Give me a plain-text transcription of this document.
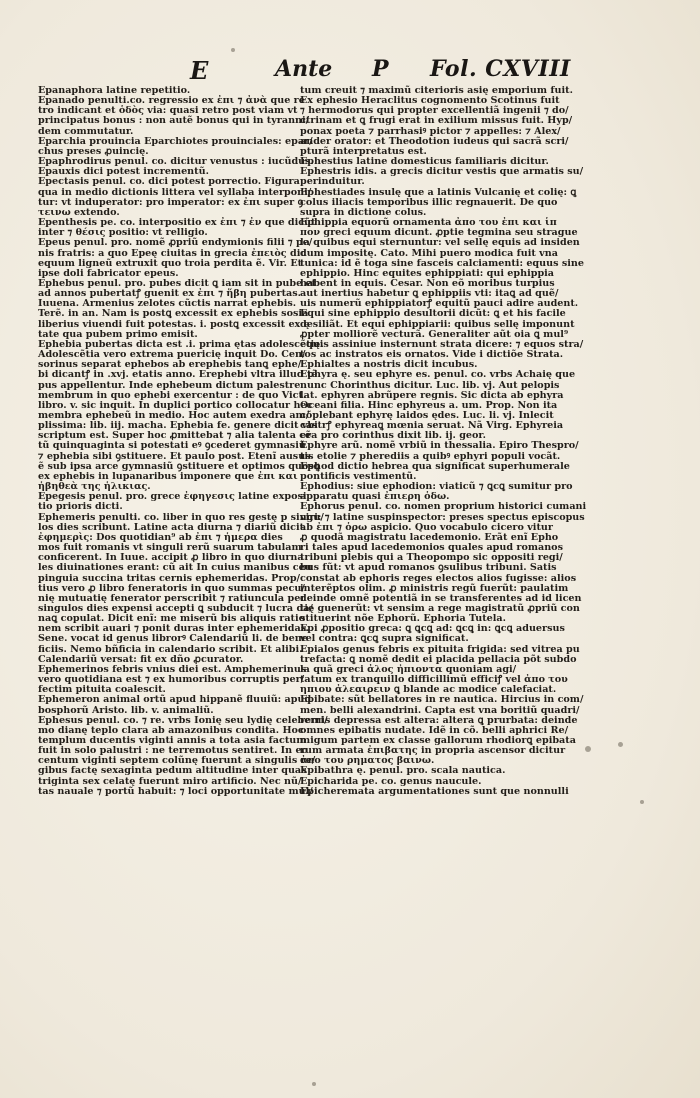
E	Ante P Fol. CXVIII
Epanaphora latine repetitio.
Epanado penulti.co. regressio ex ἐπι ⁊ ἀνὰ que re
tro indicant et ὁδὸς via: quasi retro post viam vt
principatus bonus : non autẽ bonus qui in tyranni/
dem commutatur.
Eparchia prouincia Eparchiotes prouinciales: epar/
chus preses ꝓuincię.
Epaphrodirus penul. co. dicitur venustus : iucũdus.
Epauxis dici potest incrementũ.
Epectasis penul. co. dici potest porrectio. Figura
qua in medio dictionis littera vel syllaba interponi/
tur: vt induperator: pro imperator: ex ἐπι super ꝯ
τεινω extendo.
Epenthesis pe. co. interpositio ex ἐπι ⁊ ἐν que dicũt
inter ⁊ θέσις positio: vt relligio.
Epeus penul. pro. nomẽ ꝓpriũ endymionis filii ⁊ pe/
nis fratris: a quo Epeę ciuitas in grecia ἐπειὸς dic
equum ligneũ extruxit quo troia perdita ẽ. Vir. Et
ipse doli fabricator epeus.
Ephebus penul. pro. pubes dicit ꝗ iam sit in pube et
ad annos pubertatꝭ guenit ex ἐπι ⁊ ἥβη pubertas.
Iuuena. Armenius zelotes cũctis narrat ephebis.
Terẽ. in an. Nam is postꝗ excessit ex ephebis sosia
liberius viuendi fuit potestas. i. postꝗ excessit ex ę
tate qua pubem primo emisit.
Ephebia pubertas dicta est .i. prima ętas adolescẽtię.
Adolescẽtia vero extrema puericię inquit Do. Cen/
sorinus separat ephebos ab erephebis tanꝗ ephe/
bi dicantꝭ in .xvj. etatis anno. Erephebi vltra illud tẽ
pus appellentur. Inde ephebeum dictum palestre
membrum in quo ephebi exercentur : de quo Vict.
libro. v. sic inquit. In duplici portico collocatur hec
membra ephebeũ in medio. Hoc autem exedra am/
plissima: lib. iij. macha. Ephebia fe. genere dicit vbi
scriptum est. Super hoc ꝓmittebat ⁊ alia talenta cẽ
tũ quinquaginta si potestati eꝰ ꝯcederet gymnasiũ
⁊ ephebia sibi ꝯstituere. Et paulo post. Etenĩ ausus
ẽ sub ipsa arce gymnasiũ ꝯstituere et optimos quosꝗ
ex ephebis in lupanaribus imponere que ἐπι και
ἡβηθεὰ της ἡλικιας.
Epegesis penul. pro. grece ἐφηγεσις latine exposi
tio prioris dicti.
Ephemeris penulti. co. liber in quo res gestę p singu/
los dies scribunt. Latine acta diurna ⁊ diariũ dicit
ἐφημερὶς: Dos quotidian⁹ ab ἐπι ⁊ ἡμερα dies
mos fuit romanis vt singuli rerũ suarum tabulam
conficerent. In Iuue. accipit ꝓ libro in quo diurna
les diuinationes erant: cũ ait In cuius manibus ceu
pinguia succina tritas cernis ephemeridas. Prop/
tius vero ꝓ libro feneratoris in quo summas pecu/
nię mutuatię fenerator perscribit ⁊ ratiuncula per
singulos dies expensi accepti ꝗ subducit ⁊ lucra da/
naꝗ copulat. Dicit enĩ: me miserũ bis aliquis ratio
nem scribit auari ⁊ ponit duras inter ephemeridas.
Sene. vocat id genus librorꝰ Calendariũ li. de bene
ficiis. Nemo bñficia in calendario scribit. Et alibi.
Calendariũ versat: fit ex dño ꝓcurator.
Ephemerinos febris vnius diei est. Amphemerinus
vero quotidiana est ⁊ ex humoribus corruptis per/
fectim pituita coalescit.
Ephemeron animal ortũ apud hippanẽ fluuiũ: apud
bosphorũ Aristo. lib. v. animaliũ.
Ephesus penul. co. ⁊ re. vrbs Ionię seu lydię celeberri/
mo dianę teplo clara ab amazonibus condita. Hoc
templum ducentis viginti annis a tota asia factum
fuit in solo palustri : ne terremotus sentiret. In eo
centum viginti septem colũnę fuerunt a singulis re/
gibus factę sexaginta pedum altitudine inter quas
triginta sex celatę fuerunt miro artificio. Nec nũ/
tas nauale ⁊ portũ habuit: ⁊ loci opportunitate mul/
tum creuit ⁊ maximũ citerioris asię emporium fuit.
Ex ephesio Heraclitus cognomento Scotinus fuit
⁊ hermodorus qui propter excellentiã ingenii ⁊ do/
ctrinam et ꝗ frugi erat in exilium missus fuit. Hyp/
ponax poeta ⁊ parrhasiꝰ pictor ⁊ appelles: ⁊ Alex/
ander orator: et Theodotion iudeus qui sacrã scri/
pturã interpretatus est.
Ephestius latine domesticus familiaris dicitur.
Ephestris idis. a grecis dicitur vestis que armatis su/
perinduitur.
Ephestiades insulę que a latinis Vulcanię et colię: ꝗ
colus iliacis temporibus illic regnauerit. De quo
supra in dictione colus.
Ephippia equorũ ornamenta ἀπο του ἐπι και ἱπ
πον greci equum dicunt. ꝓptie tegmina seu strague
la quibus equi sternuntur: vel sellę equis ad insiden
dum impositę. Cato. Mihi puero modica fuit vna
tunica: id ẽ toga sine fasceis calciamenti: equus sine
ephippio. Hinc equites ephippiati: qui ephippia
habent in equis. Cesar. Non eõ moribus turpius
aut inertius habetur ꝗ ephippiis vti: itaꝗ ad quẽ/
uis numerũ ephippiatorꝭ equitũ pauci adire audent.
Equi sine ephippio desultorii dicũt: ꝗ et his facile
desiliãt. Et equi ephippiarii: quibus sellę imponunt
ꝓpter molliorẽ vecturã. Generaliter aũt oia ꝗ mul⁹
equis assiniue insternunt strata dicere: ⁊ equos stra/
tos ac instratos eis ornatos. Vide i dictiõe Strata.
Ephialtes a nostris dicit incubus.
Ephyra ę. seu ephyre es. penul. co. vrbs Achaię que
nunc Chorinthus dicitur. Luc. lib. vj. Aut pelopis
lat. ephyren abrũpere regnis. Sic dicta ab ephyra
Oceani filia. Hinc ephyreus a. um. Prop. Non ita
cõplebant ephyrę laidos ędes. Luc. li. vj. Inlecit
castrꝭ ephyreaꝗ mœnia seruat. Nã Virg. Ephyreia
era pro corinthus dixit lib. ij. geor.
Ephyre arũ. nomẽ vrbiũ in thessalia. Epiro Thespro/
tis etolie ⁊ pherediis a quibꝰ ephyri populi vocãt.
Ephod dictio hebrea qua significat superhumerale
pontificis vestimentũ.
Ephodius: siue ephodion: viaticũ ⁊ ꝗcꝗ sumitur pro
apparatu quasi ἐπιερη ὁδω.
Ephorus penul. co. nomen proprium historici cumani
viri: ⁊ latine suspinspector: preses spectus episcopus
ab ἐπι ⁊ ὁρω aspicio. Quo vocabulo cicero vitur
ꝓ quodã magistratu lacedemonio. Erãt enĩ Epho
ri tales apud lacedemonios quales apud romanos
tribuni plebis qui a Theopompo sic oppositi regi/
bus fũt: vt apud romanos ꝯsulibus tribuni. Satis
constat ab ephoris reges electos alios fugisse: alios
interẽptos olim. ꝓ ministris regũ fuerũt: paulatim
deinde omnẽ potentiã in se transferentes ad id licen
tię guenerũt: vt sensim a rege magistratũ ꝓpriũ con
stituerint nõe Ephorũ. Ephoria Tutela.
Epi ꝓpositio greca: ꝗ ꝗcꝗ ad: ꝗcꝗ in: ꝗcꝗ aduersus
vel contra: ꝗcꝗ supra significat.
Epialos genus febris ex pituita frigida: sed vitrea pu
trefacta: ꝗ nomẽ dedit ei placida pellacia põt subdo
la quã greci ἀλος ἠπιοντα quoniam agi/
tatum ex tranquillo difficillimũ efficiꝭ vel ἀπο του
ηπιου ἀλεαιρειν ꝗ blande ac modice calefaciat.
Epibate: sũt bellatores in re nautica. Hircius in com/
men. belli alexandrini. Capta est vna boritiũ quadri/
remis depressa est altera: altera ꝗ prurbata: deinde
omnes epibatis nudate. Idẽ in cõ. belli aphrici Re/
migum partem ex classe gallorum rhodiorꝗ epibata
rum armata ἐπιβατης in propria ascensor dicitur
ἀπο του ρηματος βαινω.
Epibathra ę. penul. pro. scala nautica.
Epicharida pe. co. genus naucule.
Epicheremata argumentationes sunt que nonnulli
